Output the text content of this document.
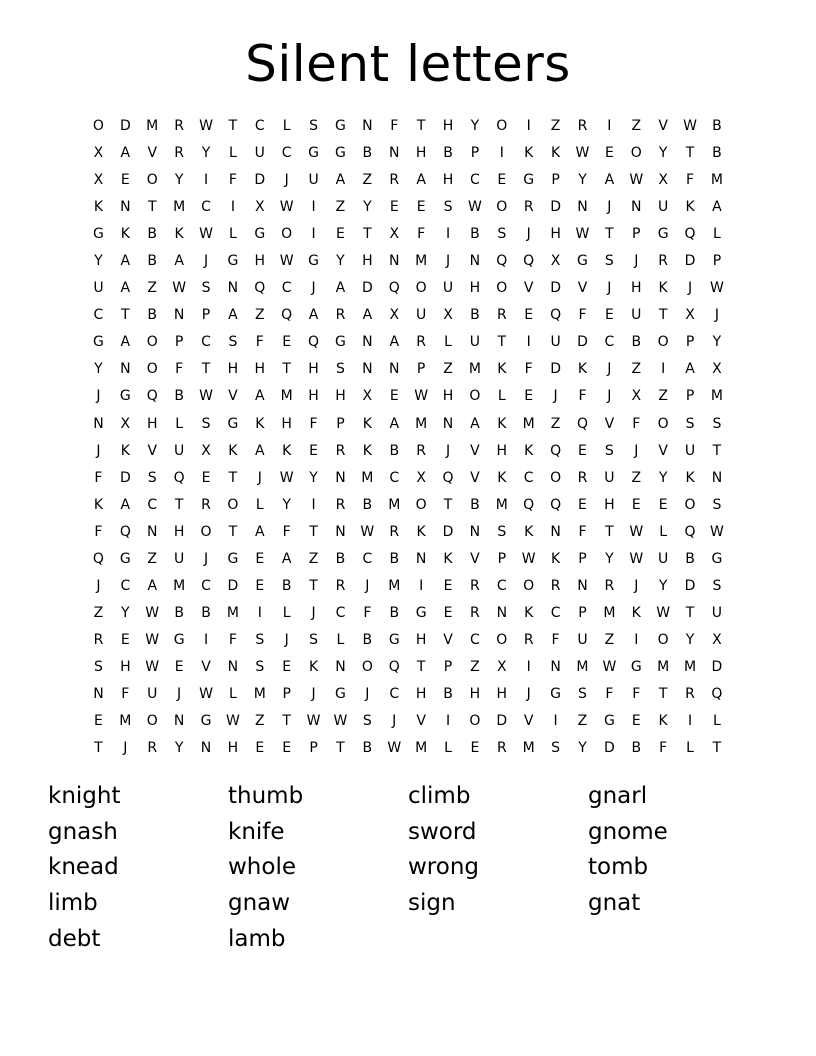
Silent letters
O	D	M	R	W	T	C	L	S	G	N	F	T	H	Y	O	I	Z	R	I	Z	V	W	B
X	A	V	R	Y	L	U	C	G	G	B	N	H	B	P	I	K	K	W	E	O	Y	T	B
X	E	O	Y	I	F	D	J	U	A	Z	R	A	H	C	E	G	P	Y	A	W	X	F	M
K	N	T	M	C	I	X	W	I	Z	Y	E	E	S	W	O	R	D	N	J	N	U	K	A
G	K	B	K	W	L	G	O	I	E	T	X	F	I	B	S	J	H	W	T	P	G	Q	L
Y	A	B	A	J	G	H	W	G	Y	H	N	M	J	N	Q	Q	X	G	S	J	R	D	P
U	A	Z	W	S	N	Q	C	J	A	D	Q	O	U	H	O	V	D	V	J	H	K	J	W
C	T	B	N	P	A	Z	Q	A	R	A	X	U	X	B	R	E	Q	F	E	U	T	X	J
G	A	O	P	C	S	F	E	Q	G	N	A	R	L	U	T	I	U	D	C	B	O	P	Y
Y	N	O	F	T	H	H	T	H	S	N	N	P	Z	M	K	F	D	K	J	Z	I	A	X
J	G	Q	B	W	V	A	M	H	H	X	E	W	H	O	L	E	J	F	J	X	Z	P	M
N	X	H	L	S	G	K	H	F	P	K	A	M	N	A	K	M	Z	Q	V	F	O	S	S
J	K	V	U	X	K	A	K	E	R	K	B	R	J	V	H	K	Q	E	S	J	V	U	T
F	D	S	Q	E	T	J	W	Y	N	M	C	X	Q	V	K	C	O	R	U	Z	Y	K	N
K	A	C	T	R	O	L	Y	I	R	B	M	O	T	B	M	Q	Q	E	H	E	E	O	S
F	Q	N	H	O	T	A	F	T	N	W	R	K	D	N	S	K	N	F	T	W	L	Q	W
Q	G	Z	U	J	G	E	A	Z	B	C	B	N	K	V	P	W	K	P	Y	W	U	B	G
J	C	A	M	C	D	E	B	T	R	J	M	I	E	R	C	O	R	N	R	J	Y	D	S
Z	Y	W	B	B	M	I	L	J	C	F	B	G	E	R	N	K	C	P	M	K	W	T	U
R	E	W	G	I	F	S	J	S	L	B	G	H	V	C	O	R	F	U	Z	I	O	Y	X
S	H	W	E	V	N	S	E	K	N	O	Q	T	P	Z	X	I	N	M W	G	M	M	D
N	F	U	J	W	L	M	P	J	G	J	C	H	B	H	H	J	G	S	F	F	T	R	Q
E	M	O	N	G	W	Z	T	W W	S	J	V	I	O	D	V	I	Z	G	E	K	I	L
T	J	R	Y	N	H	E	E	P	T	B	W M	L	E	R	M	S	Y	D	B	F	L	T
knight	thumb	climb	gnarl
gnash	knife	sword	gnome
knead	whole	wrong	tomb
limb	gnaw	sign	gnat
debt	lamb
